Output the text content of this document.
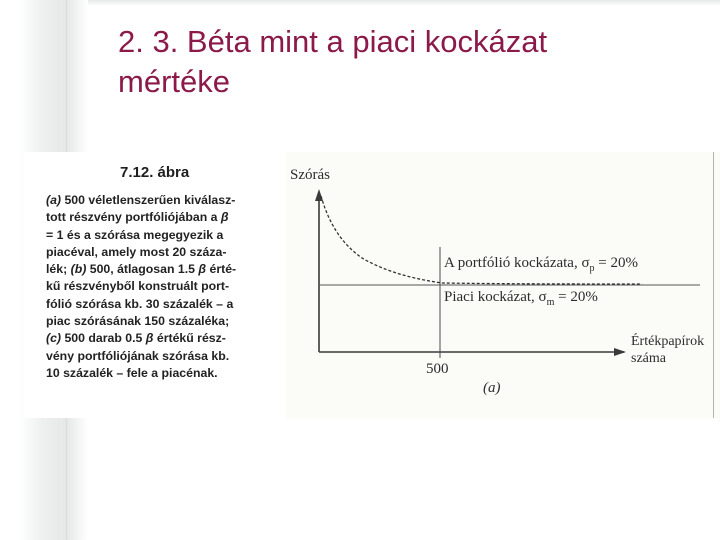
2. 3. Béta mint a piaci kockázat
mértéke
7.12. ábra
(a) 500 véletlenszerűen kiválasz-
tott részvény portfóliójában a β
= 1 és a szórása megegyezik a
piacéval, amely most 20 száza-
lék; (b) 500, átlagosan 1.5 β érté-
kű részvényből konstruált port-
fólió szórása kb. 30 százalék – a
piac szórásának 150 százaléka;
(c) 500 darab 0.5 β értékű rész-
vény portfóliójának szórása kb.
10 százalék – fele a piacénak.
Szórás
A portfólió kockázata, $\sigma_p = 20\%$
Piaci kockázat, $\sigma_m = 20\%$
Értékpapírok
száma
500
(a)
